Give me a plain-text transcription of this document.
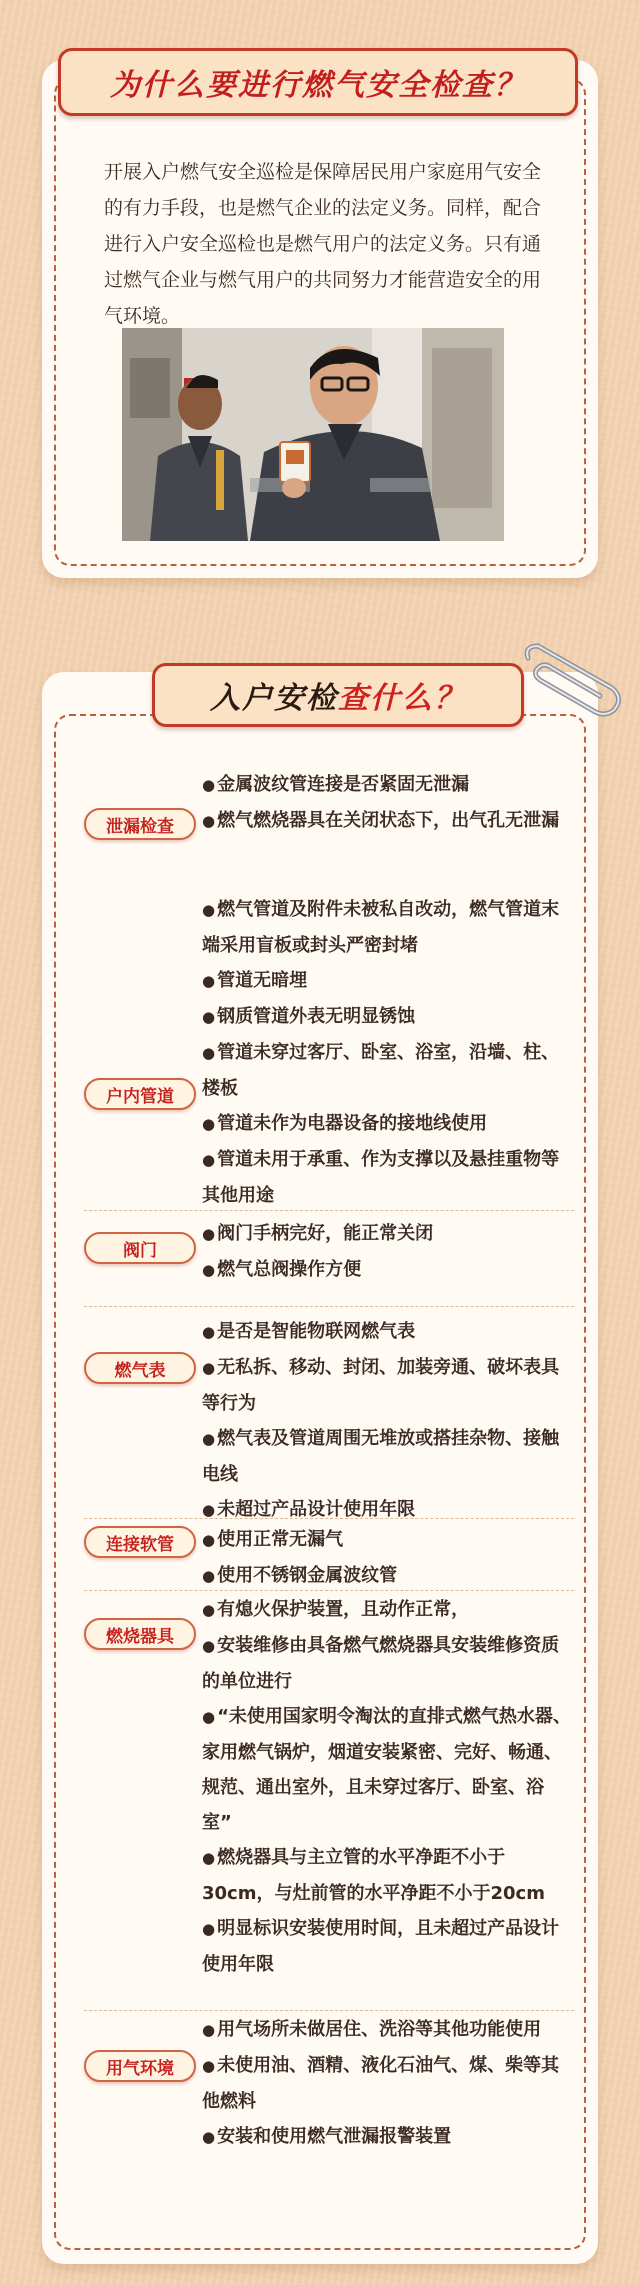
为什么要进行燃气安全检查？

开展入户燃气安全巡检是保障居民用户家庭用气安全的有力手段，也是燃气企业的法定义务。同样，配合进行入户安全巡检也是燃气用户的法定义务。只有通过燃气企业与燃气用户的共同努力才能营造安全的用气环境。

入户安检 查什么？
泄漏检查

● 金属波纹管连接是否紧固无泄漏

● 燃气燃烧器具在关闭状态下，出气孔无泄漏

户内管道

● 燃气管道及附件未被私自改动，燃气管道末端采用盲板或封头严密封堵

● 管道无暗埋

● 钢质管道外表无明显锈蚀

● 管道未穿过客厅、卧室、浴室，沿墙、柱、楼板

● 管道未作为电器设备的接地线使用

● 管道未用于承重、作为支撑以及悬挂重物等其他用途

阀门

● 阀门手柄完好，能正常关闭

● 燃气总阀操作方便

燃气表

● 是否是智能物联网燃气表

● 无私拆、移动、封闭、加装旁通、破坏表具等行为

● 燃气表及管道周围无堆放或搭挂杂物、接触电线

● 未超过产品设计使用年限

连接软管

●	使用正常无漏气

● 使用不锈钢金属波纹管

燃烧器具

● 有熄火保护装置，且动作正常，

● 安装维修由具备燃气燃烧器具安装维修资质的单位进行

● “未使用国家明令淘汰的直排式燃气热水器、家用燃气锅炉，烟道安装紧密、完好、畅通、规范、通出室外，且未穿过客厅、卧室、浴室”

● 燃烧器具与主立管的水平净距不小于30cm，与灶前管的水平净距不小于20cm

● 明显标识安装使用时间，且未超过产品设计使用年限

用气环境

● 用气场所未做居住、洗浴等其他功能使用

● 未使用油、酒精、液化石油气、煤、柴等其他燃料

● 安装和使用燃气泄漏报警装置
